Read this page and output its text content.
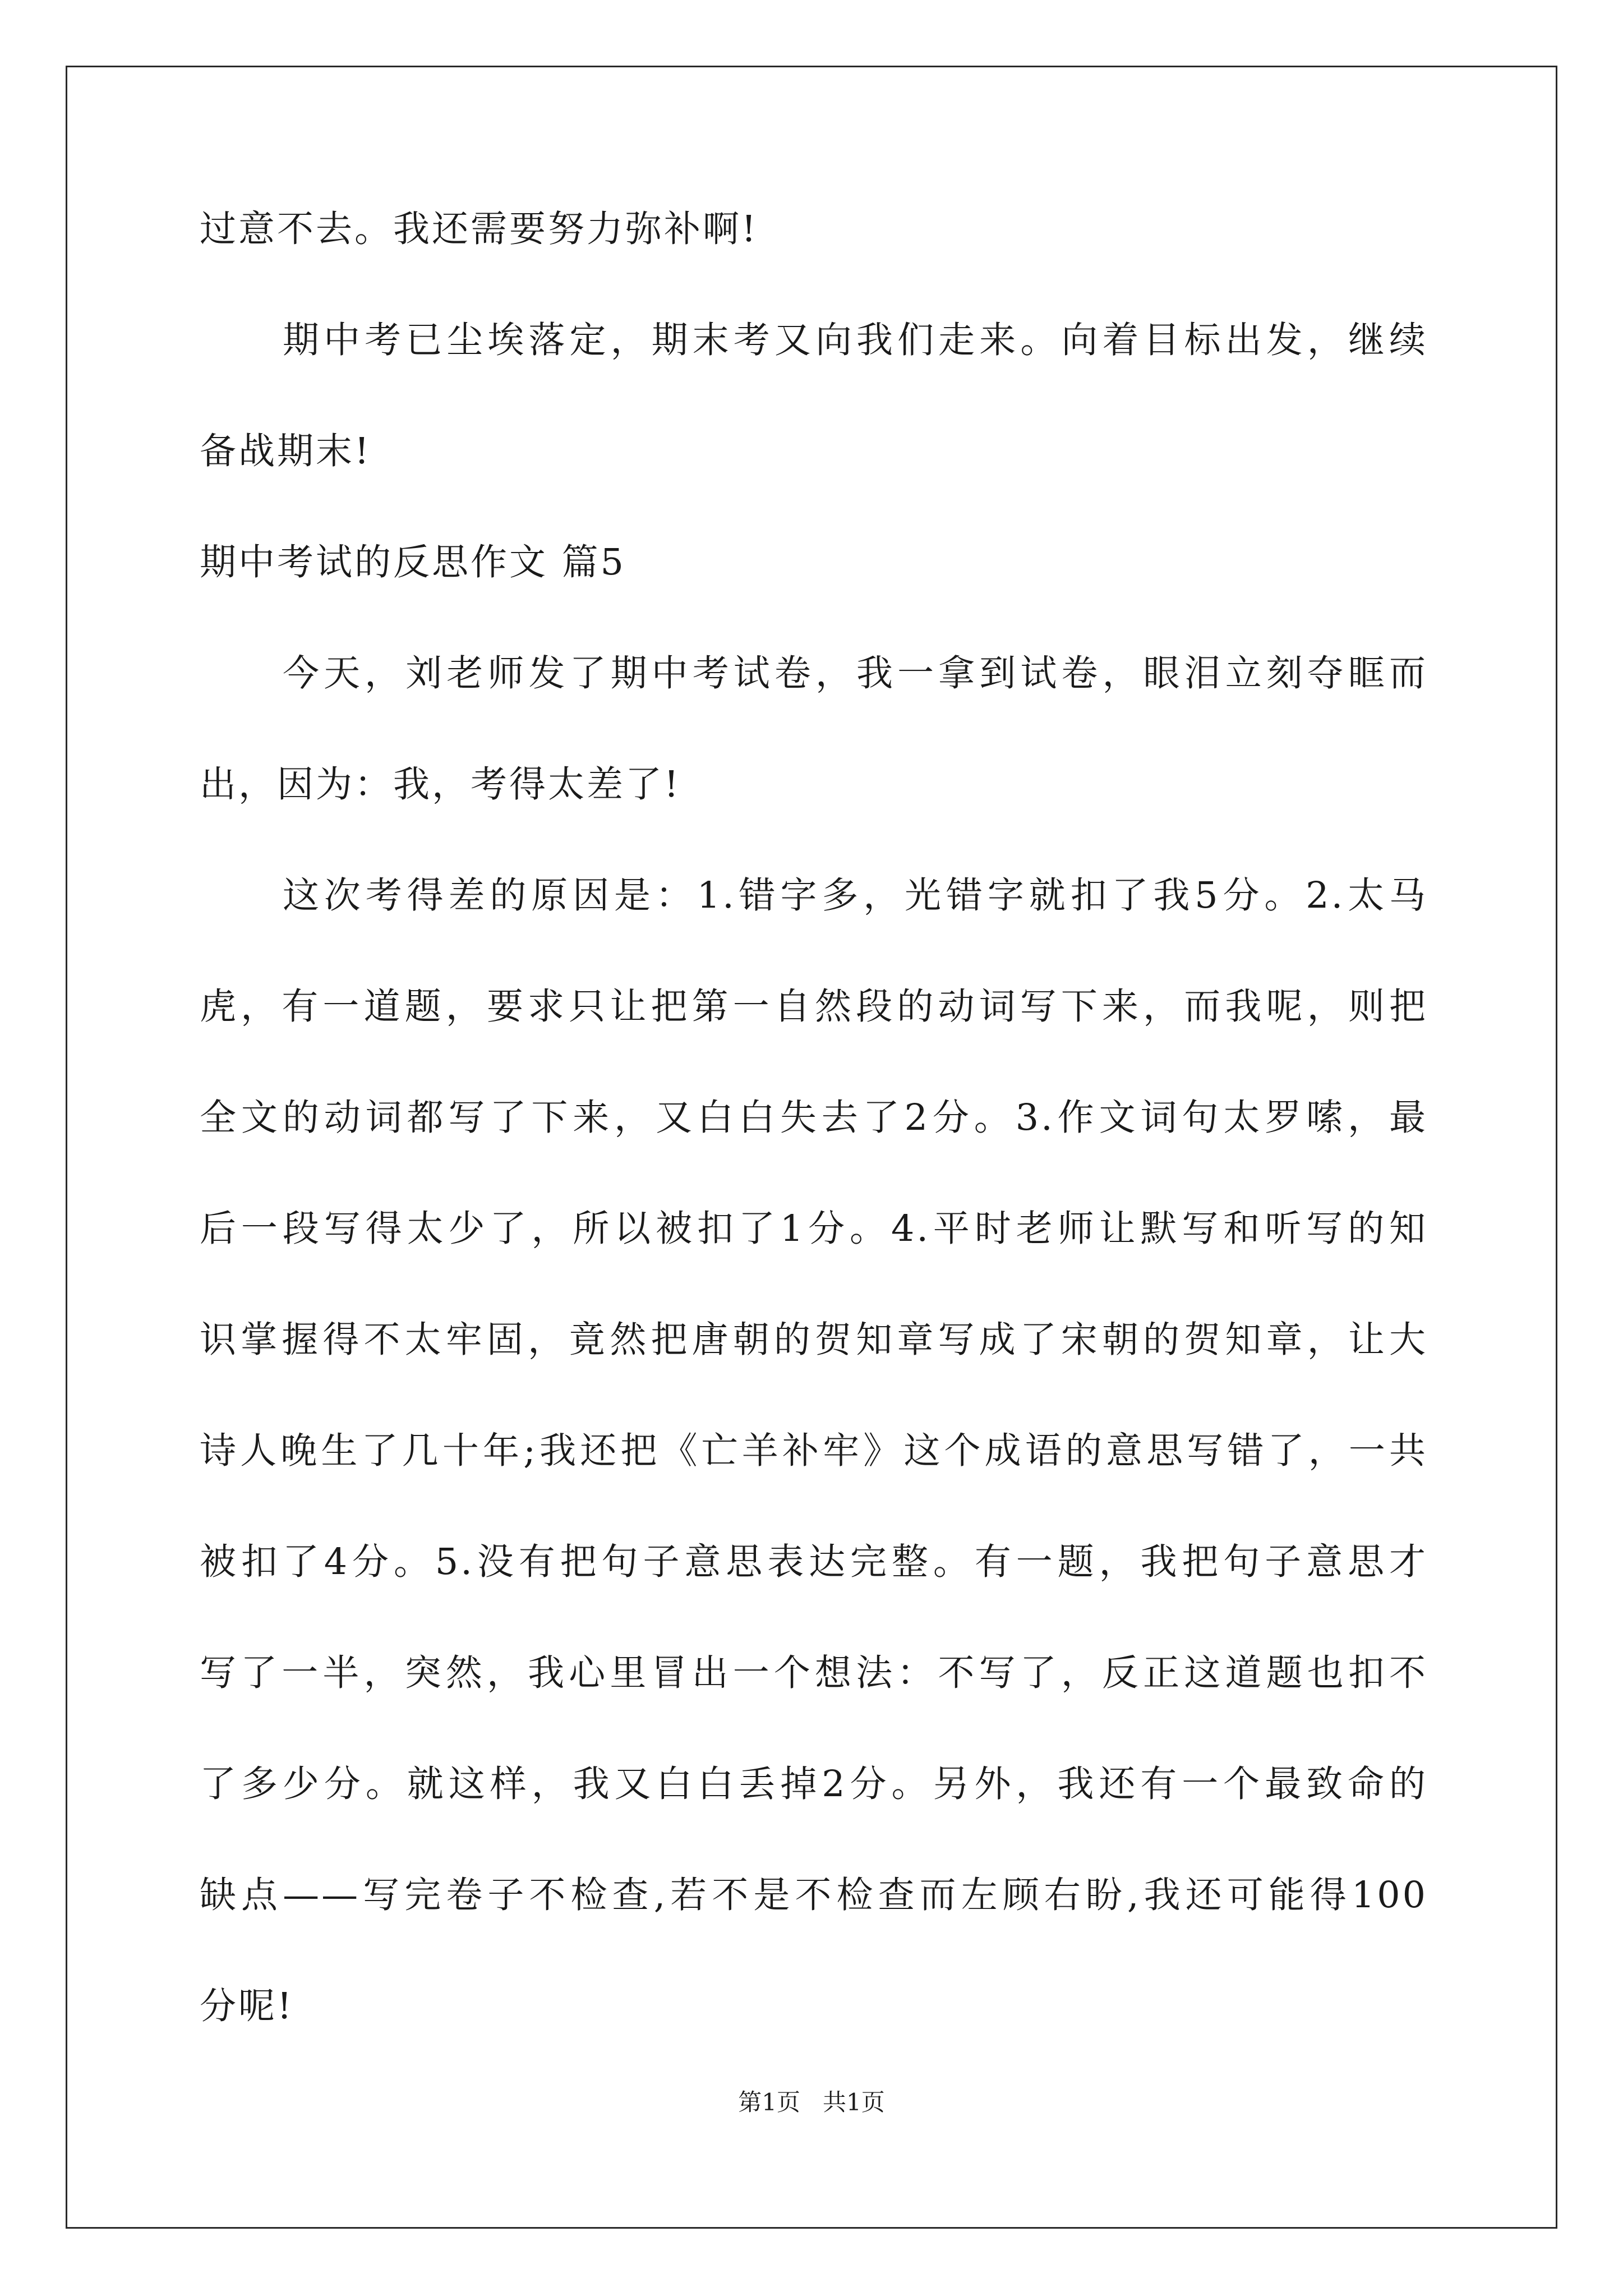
过意不去。我还需要努力弥补啊!
期中考已尘埃落定，期末考又向我们走来。向着目标出发，继续
备战期末!
期中考试的反思作文 篇5
今天，刘老师发了期中考试卷，我一拿到试卷，眼泪立刻夺眶而
出，因为：我，考得太差了!
这次考得差的原因是：1.错字多，光错字就扣了我5分。2.太马
虎，有一道题，要求只让把第一自然段的动词写下来，而我呢，则把
全文的动词都写了下来，又白白失去了2分。3.作文词句太罗嗦，最
后一段写得太少了，所以被扣了1分。4.平时老师让默写和听写的知
识掌握得不太牢固，竟然把唐朝的贺知章写成了宋朝的贺知章，让大
诗人晚生了几十年;我还把《亡羊补牢》这个成语的意思写错了，一共
被扣了4分。5.没有把句子意思表达完整。有一题，我把句子意思才
写了一半，突然，我心里冒出一个想法：不写了，反正这道题也扣不
了多少分。就这样，我又白白丢掉2分。另外，我还有一个最致命的
缺点——写完卷子不检查,若不是不检查而左顾右盼,我还可能得100
分呢!
第1页   共1页
